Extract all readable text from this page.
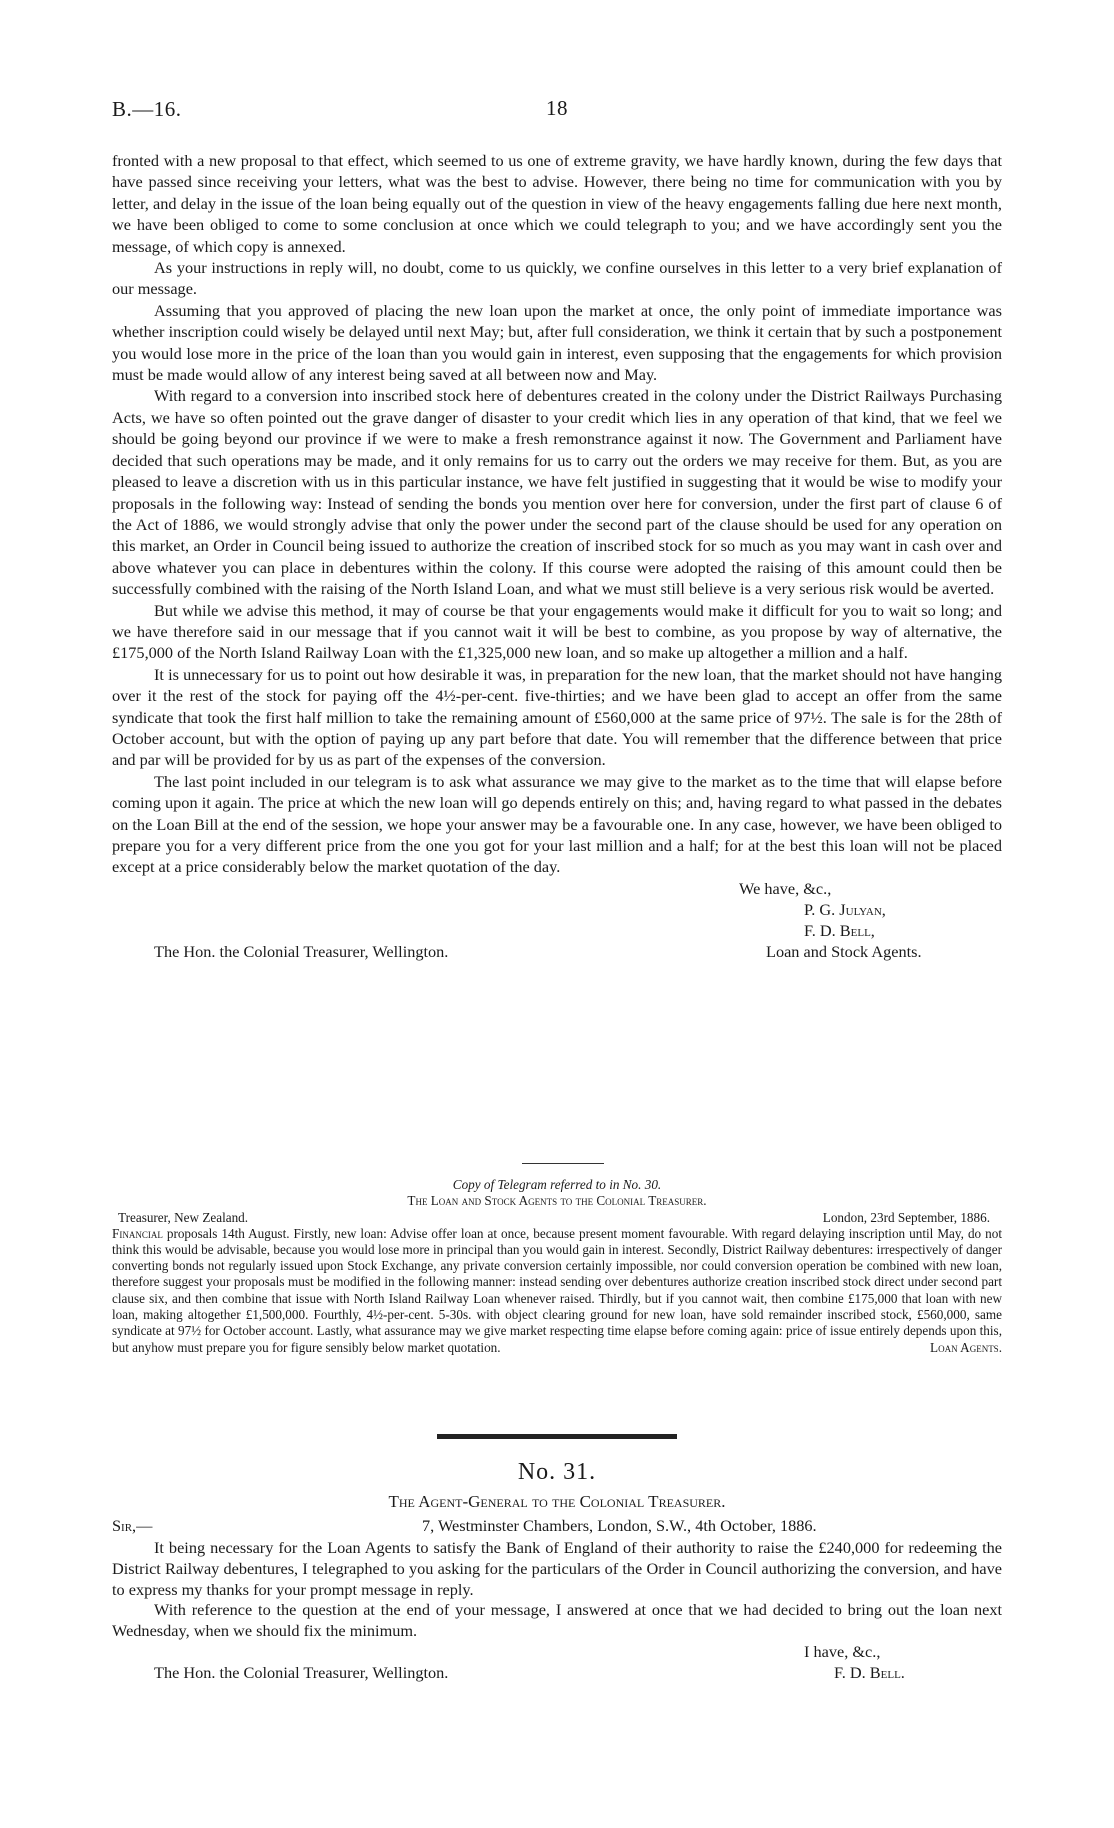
B.—16.	18

fronted with a new proposal to that effect, which seemed to us one of extreme gravity, we have hardly known, during the few days that have passed since receiving your letters, what was the best to advise. However, there being no time for communication with you by letter, and delay in the issue of the loan being equally out of the question in view of the heavy engagements falling due here next month, we have been obliged to come to some conclusion at once which we could telegraph to you; and we have accordingly sent you the message, of which copy is annexed.

As your instructions in reply will, no doubt, come to us quickly, we confine ourselves in this letter to a very brief explanation of our message.

Assuming that you approved of placing the new loan upon the market at once, the only point of immediate importance was whether inscription could wisely be delayed until next May; but, after full consideration, we think it certain that by such a postponement you would lose more in the price of the loan than you would gain in interest, even supposing that the engagements for which provision must be made would allow of any interest being saved at all between now and May.

With regard to a conversion into inscribed stock here of debentures created in the colony under the District Railways Purchasing Acts, we have so often pointed out the grave danger of disaster to your credit which lies in any operation of that kind, that we feel we should be going beyond our province if we were to make a fresh remonstrance against it now. The Government and Parliament have decided that such operations may be made, and it only remains for us to carry out the orders we may receive for them. But, as you are pleased to leave a discretion with us in this particular instance, we have felt justified in suggesting that it would be wise to modify your proposals in the following way: Instead of sending the bonds you mention over here for conversion, under the first part of clause 6 of the Act of 1886, we would strongly advise that only the power under the second part of the clause should be used for any operation on this market, an Order in Council being issued to authorize the creation of inscribed stock for so much as you may want in cash over and above whatever you can place in debentures within the colony. If this course were adopted the raising of this amount could then be successfully combined with the raising of the North Island Loan, and what we must still believe is a very serious risk would be averted.

But while we advise this method, it may of course be that your engagements would make it difficult for you to wait so long; and we have therefore said in our message that if you cannot wait it will be best to combine, as you propose by way of alternative, the £175,000 of the North Island Railway Loan with the £1,325,000 new loan, and so make up altogether a million and a half.

It is unnecessary for us to point out how desirable it was, in preparation for the new loan, that the market should not have hanging over it the rest of the stock for paying off the 4½-per-cent. five-thirties; and we have been glad to accept an offer from the same syndicate that took the first half million to take the remaining amount of £560,000 at the same price of 97½. The sale is for the 28th of October account, but with the option of paying up any part before that date. You will remember that the difference between that price and par will be provided for by us as part of the expenses of the conversion.

The last point included in our telegram is to ask what assurance we may give to the market as to the time that will elapse before coming upon it again. The price at which the new loan will go depends entirely on this; and, having regard to what passed in the debates on the Loan Bill at the end of the session, we hope your answer may be a favourable one. In any case, however, we have been obliged to prepare you for a very different price from the one you got for your last million and a half; for at the best this loan will not be placed except at a price considerably below the market quotation of the day.

We have, &c.,
P. G. Julyan,
F. D. Bell,
The Hon. the Colonial Treasurer, Wellington.	Loan and Stock Agents.
Copy of Telegram referred to in No. 30.
The Loan and Stock Agents to the Colonial Treasurer.
Treasurer, New Zealand.	London, 23rd September, 1886.

Financial proposals 14th August. Firstly, new loan: Advise offer loan at once, because present moment favourable. With regard delaying inscription until May, do not think this would be advisable, because you would lose more in principal than you would gain in interest. Secondly, District Railway debentures: irrespectively of danger converting bonds not regularly issued upon Stock Exchange, any private conversion certainly impossible, nor could conversion operation be combined with new loan, therefore suggest your proposals must be modified in the following manner: instead sending over debentures authorize creation inscribed stock direct under second part clause six, and then combine that issue with North Island Railway Loan whenever raised. Thirdly, but if you cannot wait, then combine £175,000 that loan with new loan, making altogether £1,500,000. Fourthly, 4½-per-cent. 5-30s. with object clearing ground for new loan, have sold remainder inscribed stock, £560,000, same syndicate at 97½ for October account. Lastly, what assurance may we give market respecting time elapse before coming again: price of issue entirely depends upon this, but anyhow must prepare you for figure sensibly below market quotation.	Loan Agents.

No. 31.
The Agent-General to the Colonial Treasurer.
Sir,—	7, Westminster Chambers, London, S.W., 4th October, 1886.

It being necessary for the Loan Agents to satisfy the Bank of England of their authority to raise the £240,000 for redeeming the District Railway debentures, I telegraphed to you asking for the particulars of the Order in Council authorizing the conversion, and have to express my thanks for your prompt message in reply.

With reference to the question at the end of your message, I answered at once that we had decided to bring out the loan next Wednesday, when we should fix the minimum.

I have, &c.,
The Hon. the Colonial Treasurer, Wellington.	F. D. Bell.
